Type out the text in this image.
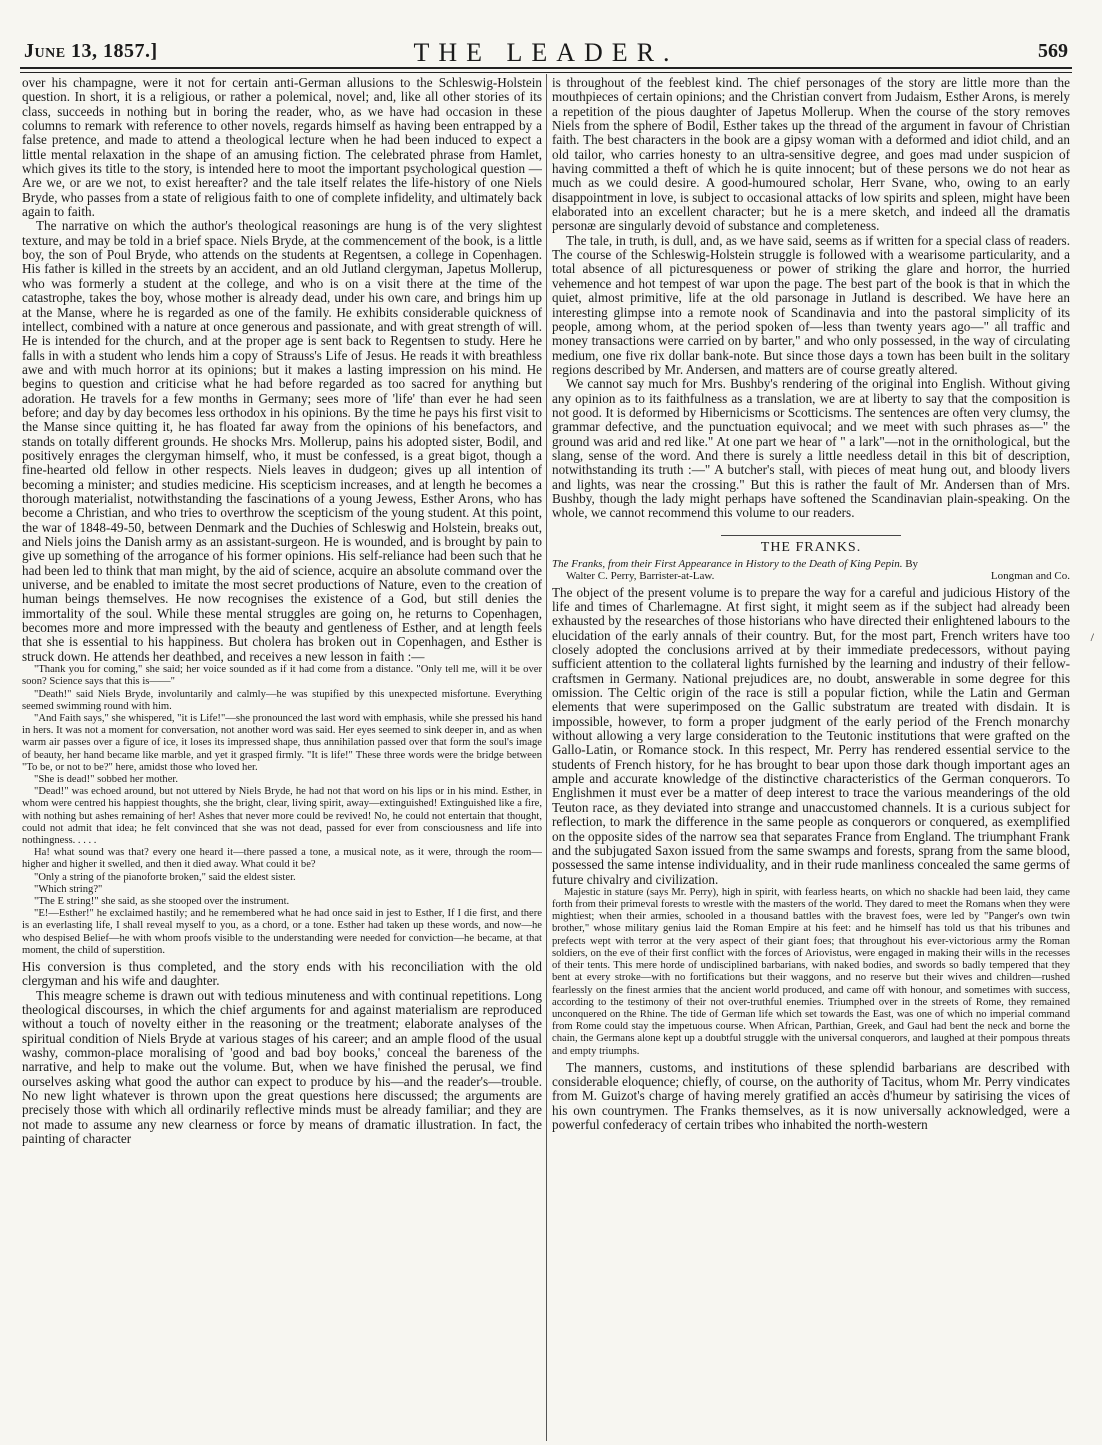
June 13, 1857.]	THE LEADER.	569

over his champagne, were it not for certain anti-German allusions to the Schleswig-Holstein question. In short, it is a religious, or rather a polemical, novel; and, like all other stories of its class, succeeds in nothing but in boring the reader, who, as we have had occasion in these columns to remark with reference to other novels, regards himself as having been entrapped by a false pretence, and made to attend a theological lecture when he had been induced to expect a little mental relaxation in the shape of an amusing fiction. The celebrated phrase from Hamlet, which gives its title to the story, is intended here to moot the important psychological question —Are we, or are we not, to exist hereafter? and the tale itself relates the life-history of one Niels Bryde, who passes from a state of religious faith to one of complete infidelity, and ultimately back again to faith.

The narrative on which the author's theological reasonings are hung is of the very slightest texture, and may be told in a brief space. Niels Bryde, at the commencement of the book, is a little boy, the son of Poul Bryde, who attends on the students at Regentsen, a college in Copenhagen. His father is killed in the streets by an accident, and an old Jutland clergyman, Japetus Mollerup, who was formerly a student at the college, and who is on a visit there at the time of the catastrophe, takes the boy, whose mother is already dead, under his own care, and brings him up at the Manse, where he is regarded as one of the family. He exhibits considerable quickness of intellect, combined with a nature at once generous and passionate, and with great strength of will. He is intended for the church, and at the proper age is sent back to Regentsen to study. Here he falls in with a student who lends him a copy of Strauss's Life of Jesus. He reads it with breathless awe and with much horror at its opinions; but it makes a lasting impression on his mind. He begins to question and criticise what he had before regarded as too sacred for anything but adoration. He travels for a few months in Germany; sees more of 'life' than ever he had seen before; and day by day becomes less orthodox in his opinions. By the time he pays his first visit to the Manse since quitting it, he has floated far away from the opinions of his benefactors, and stands on totally different grounds. He shocks Mrs. Mollerup, pains his adopted sister, Bodil, and positively enrages the clergyman himself, who, it must be confessed, is a great bigot, though a fine-hearted old fellow in other respects. Niels leaves in dudgeon; gives up all intention of becoming a minister; and studies medicine. His scepticism increases, and at length he becomes a thorough materialist, notwithstanding the fascinations of a young Jewess, Esther Arons, who has become a Christian, and who tries to overthrow the scepticism of the young student. At this point, the war of 1848-49-50, between Denmark and the Duchies of Schleswig and Holstein, breaks out, and Niels joins the Danish army as an assistant-surgeon. He is wounded, and is brought by pain to give up something of the arrogance of his former opinions. His self-reliance had been such that he had been led to think that man might, by the aid of science, acquire an absolute command over the universe, and be enabled to imitate the most secret productions of Nature, even to the creation of human beings themselves. He now recognises the existence of a God, but still denies the immortality of the soul. While these mental struggles are going on, he returns to Copenhagen, becomes more and more impressed with the beauty and gentleness of Esther, and at length feels that she is essential to his happiness. But cholera has broken out in Copenhagen, and Esther is struck down. He attends her deathbed, and receives a new lesson in faith :—

"Thank you for coming," she said; her voice sounded as if it had come from a distance. "Only tell me, will it be over soon? Science says that this is——"

"Death!" said Niels Bryde, involuntarily and calmly—he was stupified by this unexpected misfortune. Everything seemed swimming round with him.

"And Faith says," she whispered, "it is Life!"—she pronounced the last word with emphasis, while she pressed his hand in hers. It was not a moment for conversation, not another word was said. Her eyes seemed to sink deeper in, and as when warm air passes over a figure of ice, it loses its impressed shape, thus annihilation passed over that form the soul's image of beauty, her hand became like marble, and yet it grasped firmly. "It is life!" These three words were the bridge between "To be, or not to be?" here, amidst those who loved her.

"She is dead!" sobbed her mother.

"Dead!" was echoed around, but not uttered by Niels Bryde, he had not that word on his lips or in his mind. Esther, in whom were centred his happiest thoughts, she the bright, clear, living spirit, away—extinguished! Extinguished like a fire, with nothing but ashes remaining of her! Ashes that never more could be revived! No, he could not entertain that thought, could not admit that idea; he felt convinced that she was not dead, passed for ever from consciousness and life into nothingness. . . . .

Ha! what sound was that? every one heard it—there passed a tone, a musical note, as it were, through the room—higher and higher it swelled, and then it died away. What could it be?

"Only a string of the pianoforte broken," said the eldest sister.

"Which string?"

"The E string!" she said, as she stooped over the instrument.

"E!—Esther!" he exclaimed hastily; and he remembered what he had once said in jest to Esther, If I die first, and there is an everlasting life, I shall reveal myself to you, as a chord, or a tone. Esther had taken up these words, and now—he who despised Belief—he with whom proofs visible to the understanding were needed for conviction—he became, at that moment, the child of superstition.

His conversion is thus completed, and the story ends with his reconciliation with the old clergyman and his wife and daughter.

This meagre scheme is drawn out with tedious minuteness and with continual repetitions. Long theological discourses, in which the chief arguments for and against materialism are reproduced without a touch of novelty either in the reasoning or the treatment; elaborate analyses of the spiritual condition of Niels Bryde at various stages of his career; and an ample flood of the usual washy, common-place moralising of 'good and bad boy books,' conceal the bareness of the narrative, and help to make out the volume. But, when we have finished the perusal, we find ourselves asking what good the author can expect to produce by his—and the reader's—trouble. No new light whatever is thrown upon the great questions here discussed; the arguments are precisely those with which all ordinarily reflective minds must be already familiar; and they are not made to assume any new clearness or force by means of dramatic illustration. In fact, the painting of character

is throughout of the feeblest kind. The chief personages of the story are little more than the mouthpieces of certain opinions; and the Christian convert from Judaism, Esther Arons, is merely a repetition of the pious daughter of Japetus Mollerup. When the course of the story removes Niels from the sphere of Bodil, Esther takes up the thread of the argument in favour of Christian faith. The best characters in the book are a gipsy woman with a deformed and idiot child, and an old tailor, who carries honesty to an ultra-sensitive degree, and goes mad under suspicion of having committed a theft of which he is quite innocent; but of these persons we do not hear as much as we could desire. A good-humoured scholar, Herr Svane, who, owing to an early disappointment in love, is subject to occasional attacks of low spirits and spleen, might have been elaborated into an excellent character; but he is a mere sketch, and indeed all the dramatis personæ are singularly devoid of substance and completeness.

The tale, in truth, is dull, and, as we have said, seems as if written for a special class of readers. The course of the Schleswig-Holstein struggle is followed with a wearisome particularity, and a total absence of all picturesqueness or power of striking the glare and horror, the hurried vehemence and hot tempest of war upon the page. The best part of the book is that in which the quiet, almost primitive, life at the old parsonage in Jutland is described. We have here an interesting glimpse into a remote nook of Scandinavia and into the pastoral simplicity of its people, among whom, at the period spoken of—less than twenty years ago—" all traffic and money transactions were carried on by barter," and who only possessed, in the way of circulating medium, one five rix dollar bank-note. But since those days a town has been built in the solitary regions described by Mr. Andersen, and matters are of course greatly altered.

We cannot say much for Mrs. Bushby's rendering of the original into English. Without giving any opinion as to its faithfulness as a translation, we are at liberty to say that the composition is not good. It is deformed by Hibernicisms or Scotticisms. The sentences are often very clumsy, the grammar defective, and the punctuation equivocal; and we meet with such phrases as—" the ground was arid and red like." At one part we hear of " a lark"—not in the ornithological, but the slang, sense of the word. And there is surely a little needless detail in this bit of description, notwithstanding its truth :—" A butcher's stall, with pieces of meat hung out, and bloody livers and lights, was near the crossing." But this is rather the fault of Mr. Andersen than of Mrs. Bushby, though the lady might perhaps have softened the Scandinavian plain-speaking. On the whole, we cannot recommend this volume to our readers.

THE FRANKS.

The Franks, from their First Appearance in History to the Death of King Pepin. By

Walter C. Perry, Barrister-at-Law.	Longman and Co.

The object of the present volume is to prepare the way for a careful and judicious History of the life and times of Charlemagne. At first sight, it might seem as if the subject had already been exhausted by the researches of those historians who have directed their enlightened labours to the elucidation of the early annals of their country. But, for the most part, French writers have too closely adopted the conclusions arrived at by their immediate predecessors, without paying sufficient attention to the collateral lights furnished by the learning and industry of their fellow-craftsmen in Germany. National prejudices are, no doubt, answerable in some degree for this omission. The Celtic origin of the race is still a popular fiction, while the Latin and German elements that were superimposed on the Gallic substratum are treated with disdain. It is impossible, however, to form a proper judgment of the early period of the French monarchy without allowing a very large consideration to the Teutonic institutions that were grafted on the Gallo-Latin, or Romance stock. In this respect, Mr. Perry has rendered essential service to the students of French history, for he has brought to bear upon those dark though important ages an ample and accurate knowledge of the distinctive characteristics of the German conquerors. To Englishmen it must ever be a matter of deep interest to trace the various meanderings of the old Teuton race, as they deviated into strange and unaccustomed channels. It is a curious subject for reflection, to mark the difference in the same people as conquerors or conquered, as exemplified on the opposite sides of the narrow sea that separates France from England. The triumphant Frank and the subjugated Saxon issued from the same swamps and forests, sprang from the same blood, possessed the same intense individuality, and in their rude manliness concealed the same germs of future chivalry and civilization.

Majestic in stature (says Mr. Perry), high in spirit, with fearless hearts, on which no shackle had been laid, they came forth from their primeval forests to wrestle with the masters of the world. They dared to meet the Romans when they were mightiest; when their armies, schooled in a thousand battles with the bravest foes, were led by "Panger's own twin brother," whose military genius laid the Roman Empire at his feet: and he himself has told us that his tribunes and prefects wept with terror at the very aspect of their giant foes; that throughout his ever-victorious army the Roman soldiers, on the eve of their first conflict with the forces of Ariovistus, were engaged in making their wills in the recesses of their tents. This mere horde of undisciplined barbarians, with naked bodies, and swords so badly tempered that they bent at every stroke—with no fortifications but their waggons, and no reserve but their wives and children—rushed fearlessly on the finest armies that the ancient world produced, and came off with honour, and sometimes with success, according to the testimony of their not over-truthful enemies. Triumphed over in the streets of Rome, they remained unconquered on the Rhine. The tide of German life which set towards the East, was one of which no imperial command from Rome could stay the impetuous course. When African, Parthian, Greek, and Gaul had bent the neck and borne the chain, the Germans alone kept up a doubtful struggle with the universal conquerors, and laughed at their pompous threats and empty triumphs.

The manners, customs, and institutions of these splendid barbarians are described with considerable eloquence; chiefly, of course, on the authority of Tacitus, whom Mr. Perry vindicates from M. Guizot's charge of having merely gratified an accès d'humeur by satirising the vices of his own countrymen. The Franks themselves, as it is now universally acknowledged, were a powerful confederacy of certain tribes who inhabited the north-western

/
